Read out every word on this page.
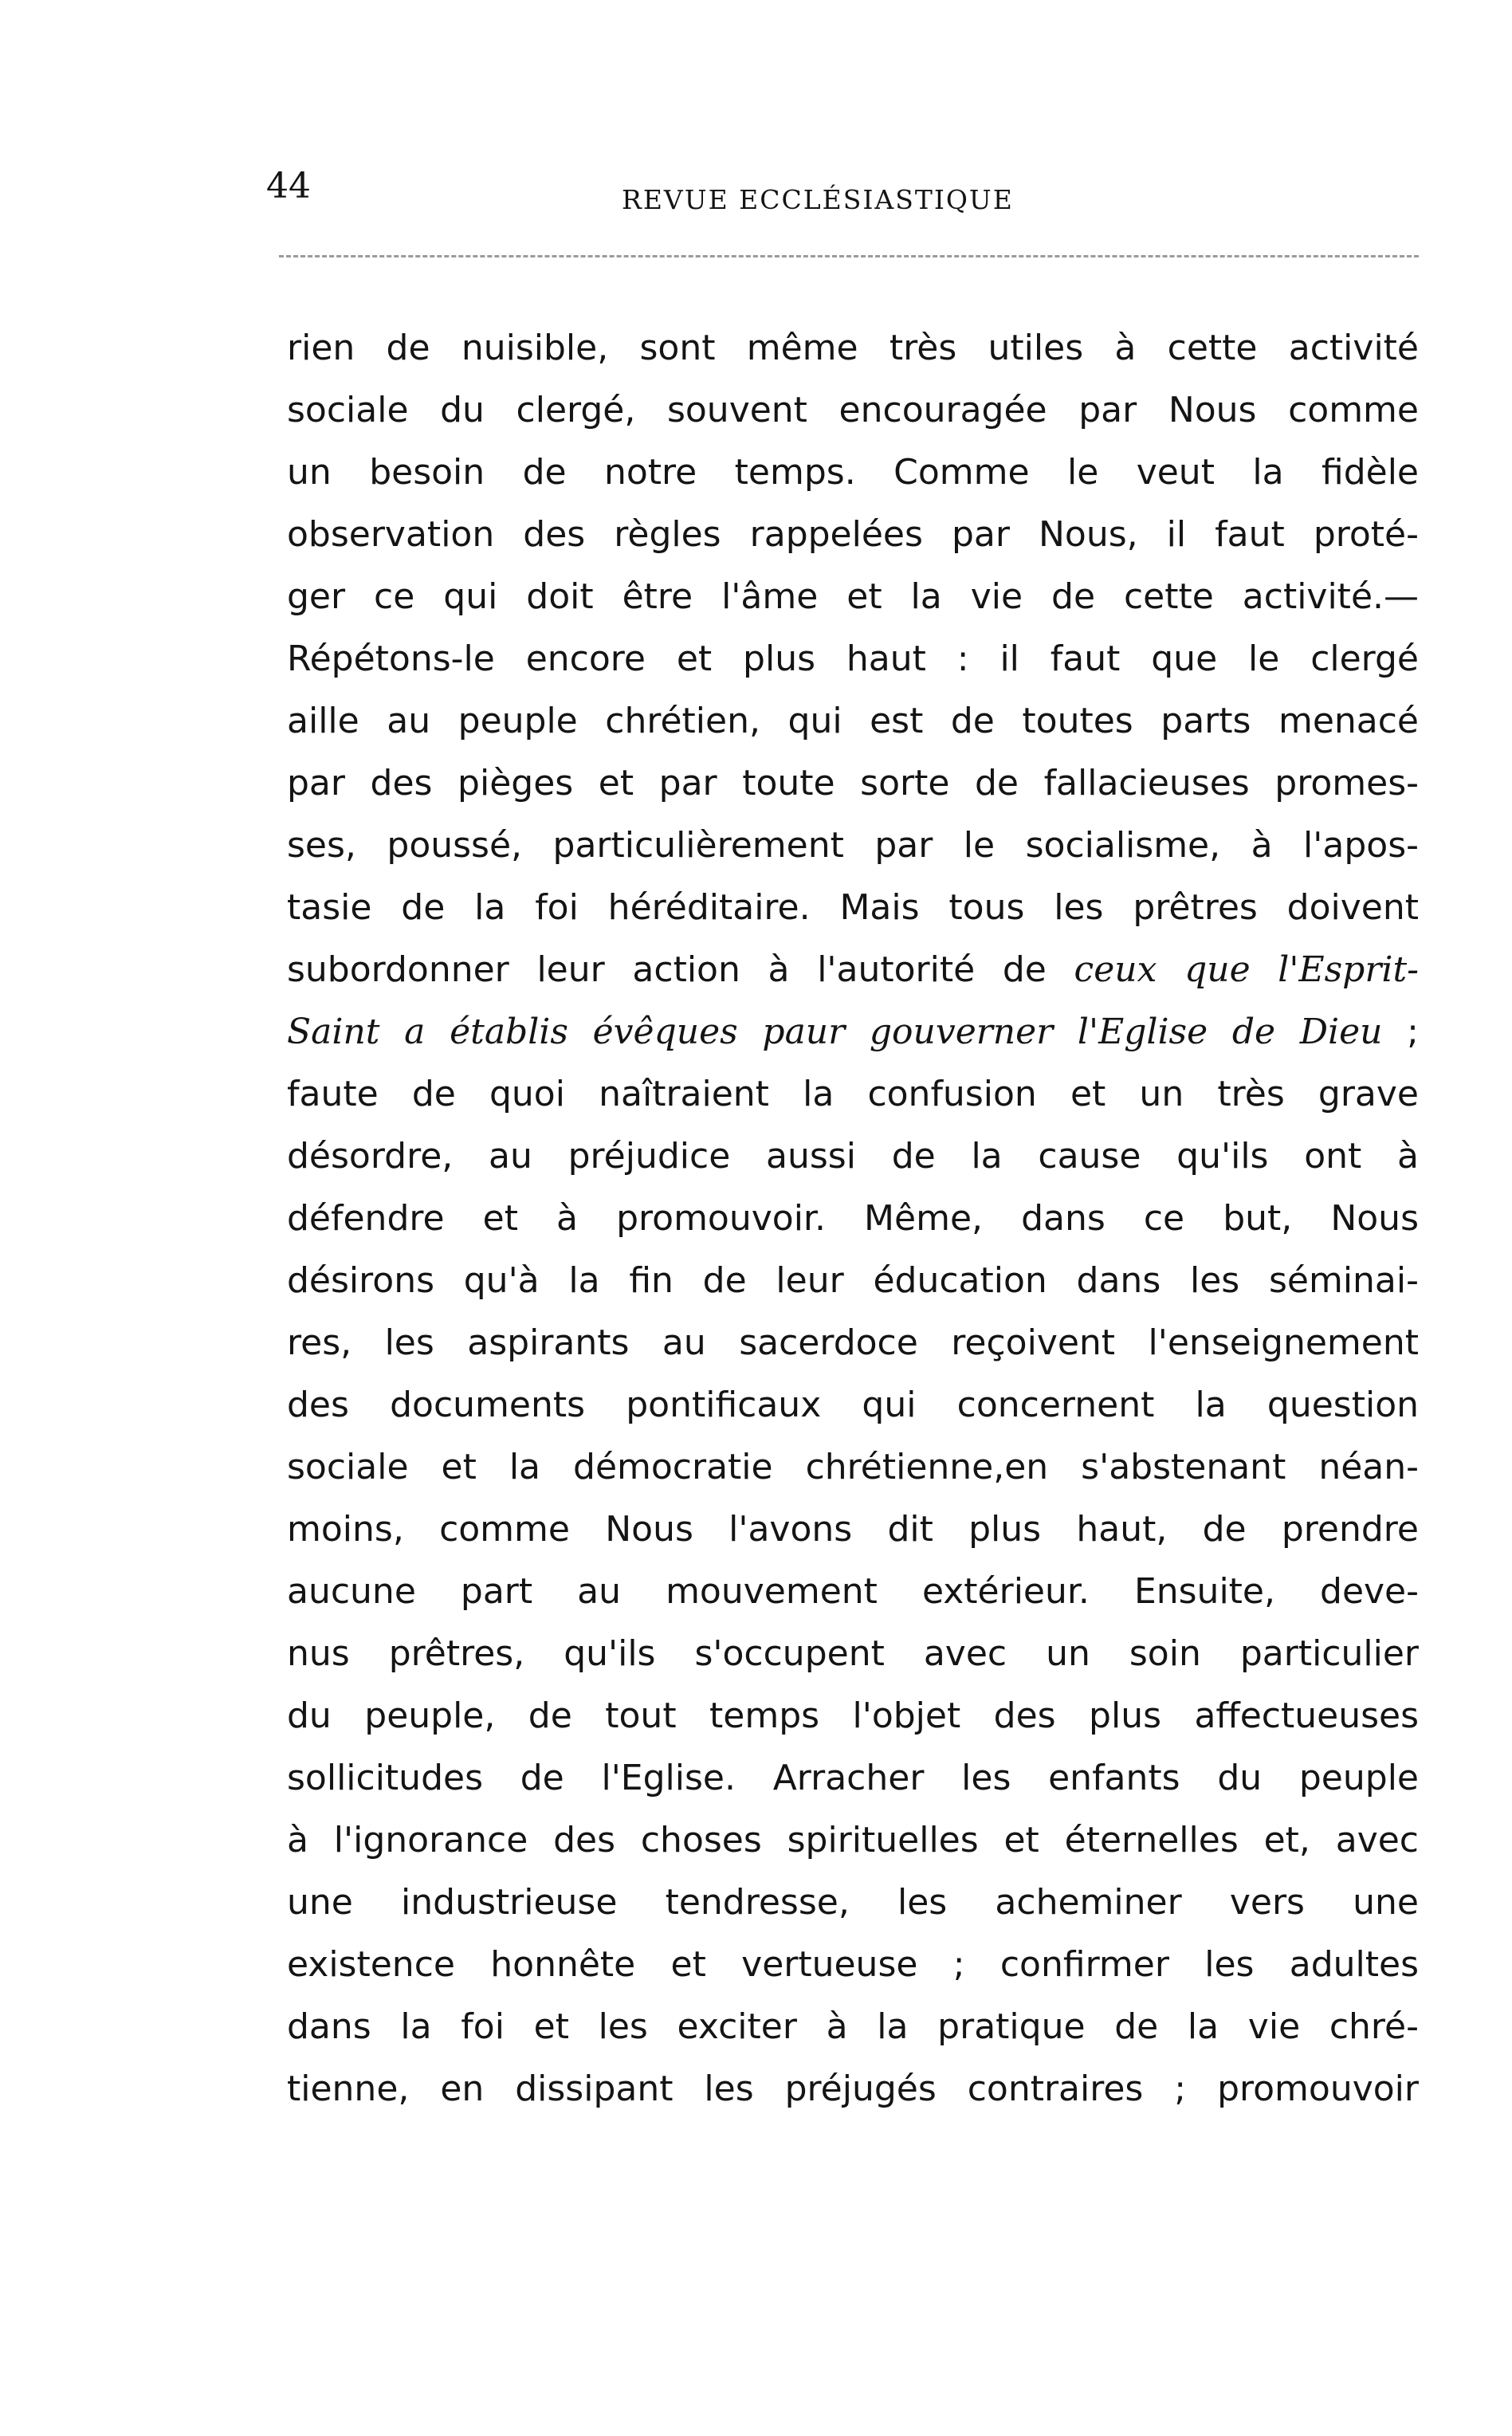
44	REVUE ECCLÉSIASTIQUE
rien de nuisible, sont même très utiles à cette activité
sociale du clergé, souvent encouragée par Nous comme
un besoin de notre temps. Comme le veut la fidèle
observation des règles rappelées par Nous, il faut proté-
ger ce qui doit être l'âme et la vie de cette activité.—
Répétons-le encore et plus haut : il faut que le clergé
aille au peuple chrétien, qui est de toutes parts menacé
par des pièges et par toute sorte de fallacieuses promes-
ses, poussé, particulièrement par le socialisme, à l'apos-
tasie de la foi héréditaire. Mais tous les prêtres doivent
subordonner leur action à l'autorité de ceux que l'Esprit-
Saint a établis évêques paur gouverner l'Eglise de Dieu ;
faute de quoi naîtraient la confusion et un très grave
désordre, au préjudice aussi de la cause qu'ils ont à
défendre et à promouvoir. Même, dans ce but, Nous
désirons qu'à la fin de leur éducation dans les séminai-
res, les aspirants au sacerdoce reçoivent l'enseignement
des documents pontificaux qui concernent la question
sociale et la démocratie chrétienne,en s'abstenant néan-
moins, comme Nous l'avons dit plus haut, de prendre
aucune part au mouvement extérieur. Ensuite, deve-
nus prêtres, qu'ils s'occupent avec un soin particulier
du peuple, de tout temps l'objet des plus affectueuses
sollicitudes de l'Eglise. Arracher les enfants du peuple
à l'ignorance des choses spirituelles et éternelles et, avec
une industrieuse tendresse, les acheminer vers une
existence honnête et vertueuse ; confirmer les adultes
dans la foi et les exciter à la pratique de la vie chré-
tienne, en dissipant les préjugés contraires ; promouvoir
